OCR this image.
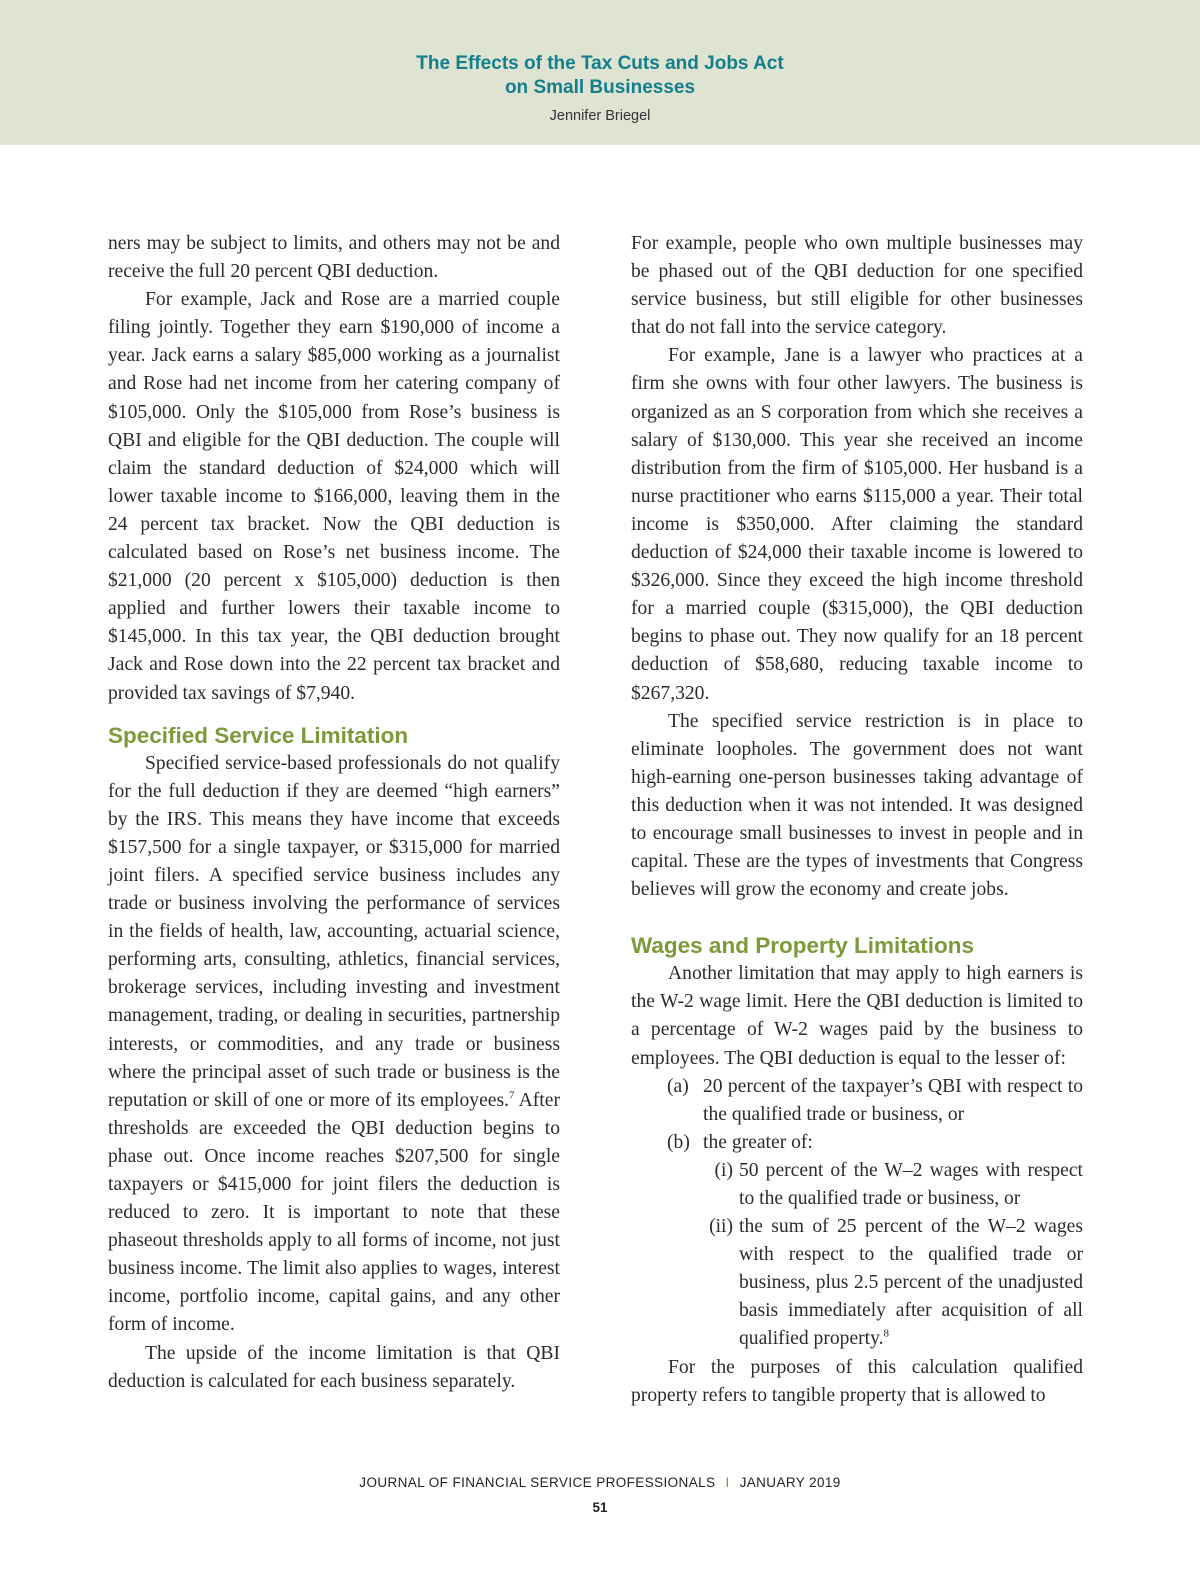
The Effects of the Tax Cuts and Jobs Act
on Small Businesses
Jennifer Briegel

ners may be subject to limits, and others may not be and receive the full 20 percent QBI deduction.

For example, Jack and Rose are a married couple filing jointly. Together they earn $190,000 of income a year. Jack earns a salary $85,000 working as a journalist and Rose had net income from her catering company of $105,000. Only the $105,000 from Rose’s business is QBI and eligible for the QBI deduction. The couple will claim the standard deduction of $24,000 which will lower taxable income to $166,000, leaving them in the 24 percent tax bracket. Now the QBI deduction is calculated based on Rose’s net business income. The $21,000 (20 percent x $105,000) deduction is then applied and further lowers their taxable income to $145,000. In this tax year, the QBI deduction brought Jack and Rose down into the 22 percent tax bracket and provided tax savings of $7,940.

Specified Service Limitation

Specified service-based professionals do not qualify for the full deduction if they are deemed “high earners” by the IRS. This means they have income that exceeds $157,500 for a single taxpayer, or $315,000 for married joint filers. A specified service business includes any trade or business involving the performance of services in the fields of health, law, accounting, actuarial science, performing arts, consulting, athletics, financial services, brokerage services, including investing and investment management, trading, or dealing in securities, partnership interests, or commodities, and any trade or business where the principal asset of such trade or business is the reputation or skill of one or more of its employees.$^7$ After thresholds are exceeded the QBI deduction begins to phase out. Once income reaches $207,500 for single taxpayers or $415,000 for joint filers the deduction is reduced to zero. It is important to note that these phaseout thresholds apply to all forms of income, not just business income. The limit also applies to wages, interest income, portfolio income, capital gains, and any other form of income.

The upside of the income limitation is that QBI deduction is calculated for each business separately.

For example, people who own multiple businesses may be phased out of the QBI deduction for one specified service business, but still eligible for other businesses that do not fall into the service category.

For example, Jane is a lawyer who practices at a firm she owns with four other lawyers. The business is organized as an S corporation from which she receives a salary of $130,000. This year she received an income distribution from the firm of $105,000. Her husband is a nurse practitioner who earns $115,000 a year. Their total income is $350,000. After claiming the standard deduction of $24,000 their taxable income is lowered to $326,000. Since they exceed the high income threshold for a married couple ($315,000), the QBI deduction begins to phase out. They now qualify for an 18 percent deduction of $58,680, reducing taxable income to $267,320.

The specified service restriction is in place to eliminate loopholes. The government does not want high-earning one-person businesses taking advantage of this deduction when it was not intended. It was designed to encourage small businesses to invest in people and in capital. These are the types of investments that Congress believes will grow the economy and create jobs.

Wages and Property Limitations

Another limitation that may apply to high earners is the W-2 wage limit. Here the QBI deduction is limited to a percentage of W-2 wages paid by the business to employees. The QBI deduction is equal to the lesser of:

(a) 20 percent of the taxpayer’s QBI with respect to the qualified trade or business, or
(b) the greater of:
(i) 50 percent of the W–2 wages with respect to the qualified trade or business, or
(ii) the sum of 25 percent of the W–2 wages with respect to the qualified trade or business, plus 2.5 percent of the unadjusted basis immediately after acquisition of all qualified property.$^8$

For the purposes of this calculation qualified property refers to tangible property that is allowed to

JOURNAL OF FINANCIAL SERVICE PROFESSIONALS I JANUARY 2019
51
